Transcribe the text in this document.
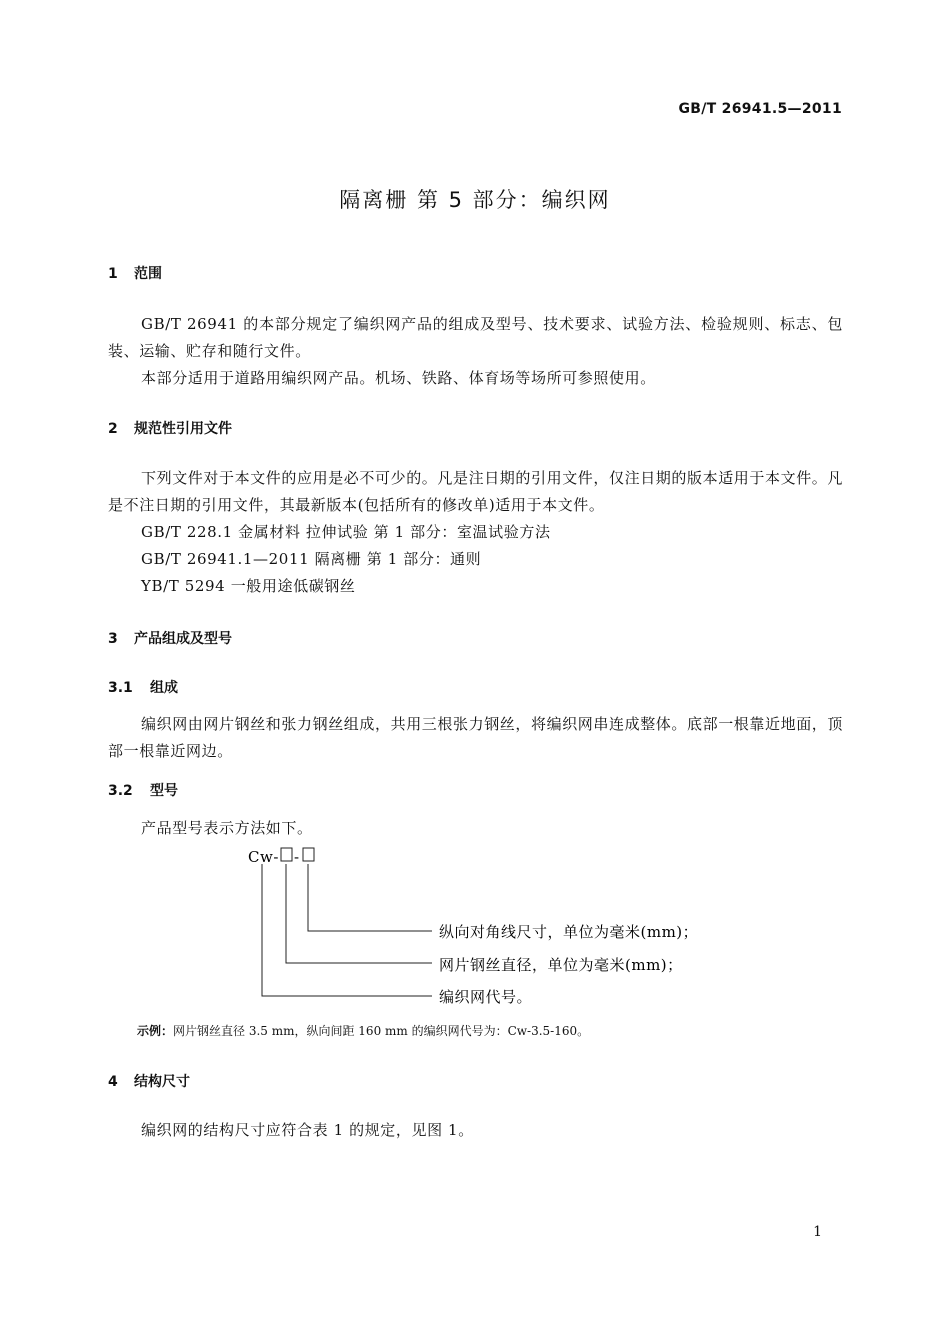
GB/T 26941.5—2011
隔离栅 第 5 部分：编织网
1 范围
GB/T 26941 的本部分规定了编织网产品的组成及型号、技术要求、试验方法、检验规则、标志、包装、运输、贮存和随行文件。
本部分适用于道路用编织网产品。机场、铁路、体育场等场所可参照使用。
2 规范性引用文件
下列文件对于本文件的应用是必不可少的。凡是注日期的引用文件，仅注日期的版本适用于本文件。凡是不注日期的引用文件，其最新版本(包括所有的修改单)适用于本文件。
GB/T 228.1 金属材料 拉伸试验 第 1 部分：室温试验方法
GB/T 26941.1—2011 隔离栅 第 1 部分：通则
YB/T 5294 一般用途低碳钢丝
3 产品组成及型号
3.1 组成
编织网由网片钢丝和张力钢丝组成，共用三根张力钢丝，将编织网串连成整体。底部一根靠近地面，顶部一根靠近网边。
3.2 型号
产品型号表示方法如下。
Cw- -
纵向对角线尺寸，单位为毫米(mm)；
网片钢丝直径，单位为毫米(mm)；
编织网代号。
示例：网片钢丝直径 3.5 mm，纵向间距 160 mm 的编织网代号为：Cw-3.5-160。
4 结构尺寸
编织网的结构尺寸应符合表 1 的规定，见图 1。
1
